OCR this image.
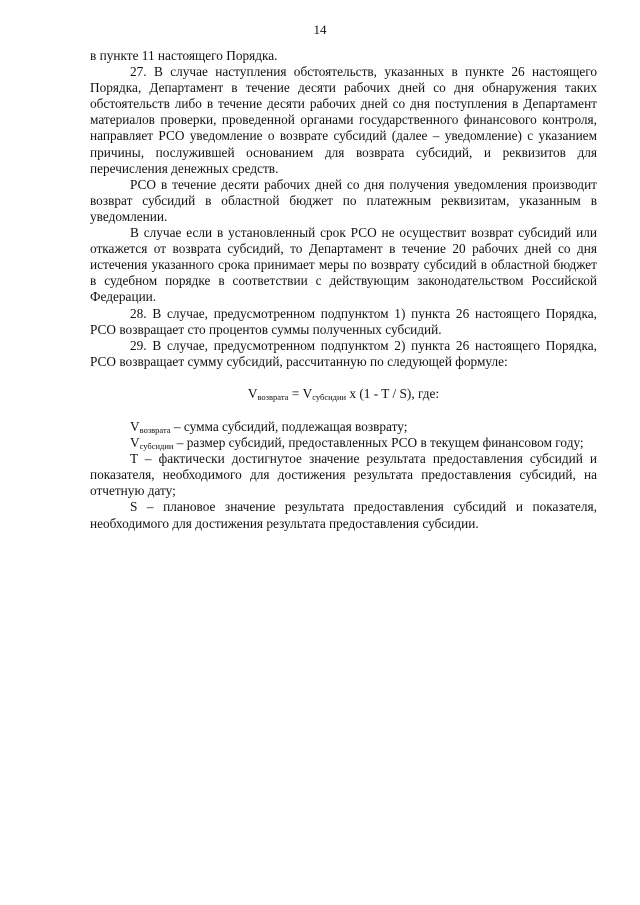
14

в пункте 11 настоящего Порядка.

27. В случае наступления обстоятельств, указанных в пункте 26 настоящего Порядка, Департамент в течение десяти рабочих дней со дня обнаружения таких обстоятельств либо в течение десяти рабочих дней со дня поступления в Департамент материалов проверки, проведенной органами государственного финансового контроля, направляет РСО уведомление о возврате субсидий (далее – уведомление) с указанием причины, послужившей основанием для возврата субсидий, и реквизитов для перечисления денежных средств.

РСО в течение десяти рабочих дней со дня получения уведомления производит возврат субсидий в областной бюджет по платежным реквизитам, указанным в уведомлении.

В случае если в установленный срок РСО не осуществит возврат субсидий или откажется от возврата субсидий, то Департамент в течение 20 рабочих дней со дня истечения указанного срока принимает меры по возврату субсидий в областной бюджет в судебном порядке в соответствии с действующим законодательством Российской Федерации.

28. В случае, предусмотренном подпунктом 1) пункта 26 настоящего Порядка, РСО возвращает сто процентов суммы полученных субсидий.

29. В случае, предусмотренном подпунктом 2) пункта 26 настоящего Порядка, РСО возвращает сумму субсидий, рассчитанную по следующей формуле:

$V_{возврата} = V_{субсидии}$ x (1 - T / S), где:

$V_{возврата}$ – сумма субсидий, подлежащая возврату;

$V_{субсидии}$ – размер субсидий, предоставленных РСО в текущем финансовом году;

T – фактически достигнутое значение результата предоставления субсидий и показателя, необходимого для достижения результата предоставления субсидий, на отчетную дату;

S – плановое значение результата предоставления субсидий и показателя, необходимого для достижения результата предоставления субсидии.
